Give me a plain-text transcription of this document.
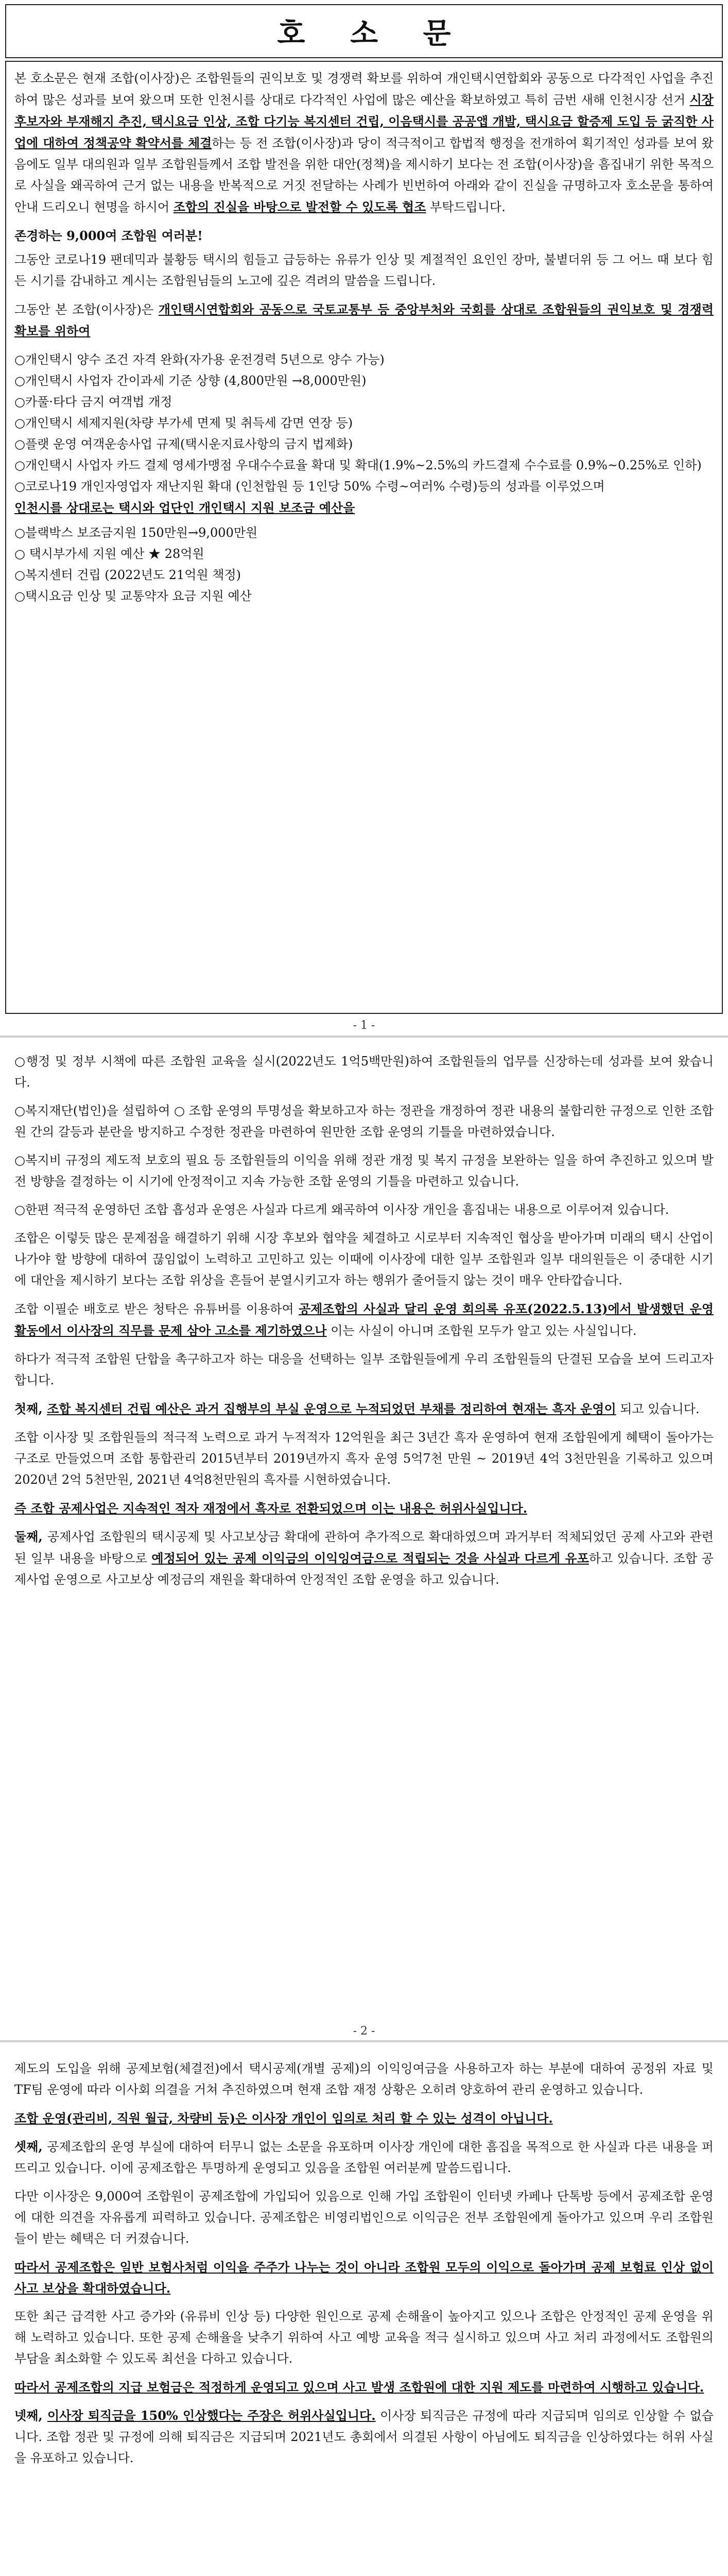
호 소 문

본 호소문은 현재 조합(이사장)은 조합원들의 권익보호 및 경쟁력 확보를 위하여 개인택시연합회와 공동으로 다각적인 사업을 추진하여 많은 성과를 보여 왔으며 또한 인천시를 상대로 다각적인 사업에 많은 예산을 확보하였고 특히 금번 새해 인천시장 선거 시장후보자와 부재해지 추진, 택시요금 인상, 조합 다기능 복지센터 건립, 이음택시를 공공앱 개발, 택시요금 할증제 도입 등 굵직한 사업에 대하여 정책공약 확약서를 체결하는 등 전 조합(이사장)과 당이 적극적이고 합법적 행정을 전개하여 획기적인 성과를 보여 왔음에도 일부 대의원과 일부 조합원들께서 조합 발전을 위한 대안(정책)을 제시하기 보다는 전 조합(이사장)을 흠집내기 위한 목적으로 사실을 왜곡하여 근거 없는 내용을 반복적으로 거짓 전달하는 사례가 빈번하여 아래와 같이 진실을 규명하고자 호소문을 통하여 안내 드리오니 현명을 하시어 조합의 진실을 바탕으로 발전할 수 있도록 협조 부탁드립니다.

존경하는 9,000여 조합원 여러분!

그동안 코로나19 팬데믹과 불황등 택시의 힘들고 급등하는 유류가 인상 및 계절적인 요인인 장마, 불볕더위 등 그 어느 때 보다 힘든 시기를 감내하고 계시는 조합원님들의 노고에 깊은 격려의 말씀을 드립니다.

그동안 본 조합(이사장)은 개인택시연합회와 공동으로 국토교통부 등 중앙부처와 국회를 상대로 조합원들의 권익보호 및 경쟁력 확보를 위하여

○개인택시 양수 조건 자격 완화(자가용 운전경력 5년으로 양수 가능)

○개인택시 사업자 간이과세 기준 상향 (4,800만원 →8,000만원)

○카풀·타다 금지 여객법 개정

○개인택시 세제지원(차량 부가세 면제 및 취득세 감면 연장 등)

○플랫 운영 여객운송사업 규제(택시운지료사항의 금지 법제화)

○개인택시 사업자 카드 결제 영세가맹점 우대수수료율 확대 및 확대(1.9%~2.5%의 카드결제 수수료를 0.9%~0.25%로 인하)

○코로나19 개인자영업자 재난지원 확대 (인천합원 등 1인당 50% 수령~여러% 수령)등의 성과를 이루었으며

인천시를 상대로는 택시와 업단인 개인택시 지원 보조금 예산을

○블랙박스 보조금지원 150만원→9,000만원

○ 택시부가세 지원 예산 ★ 28억원

○복지센터 건립 (2022년도 21억원 책정)

○택시요금 인상 및 교통약자 요금 지원 예산

- 1 -

○행정 및 정부 시책에 따른 조합원 교육을 실시(2022년도 1억5백만원)하여 조합원들의 업무를 신장하는데 성과를 보여 왔습니다.

○복지재단(법인)을 설립하여 ○ 조합 운영의 투명성을 확보하고자 하는 정관을 개정하여 정관 내용의 불합리한 규정으로 인한 조합원 간의 갈등과 분란을 방지하고 수정한 정관을 마련하여 원만한 조합 운영의 기틀을 마련하였습니다.

○복지비 규정의 제도적 보호의 필요 등 조합원들의 이익을 위해 정관 개정 및 복지 규정을 보완하는 일을 하여 추진하고 있으며 발전 방향을 결정하는 이 시기에 안정적이고 지속 가능한 조합 운영의 기틀을 마련하고 있습니다.

○한편 적극적 운영하던 조합 흡성과 운영은 사실과 다르게 왜곡하여 이사장 개인을 흠집내는 내용으로 이루어져 있습니다.

조합은 이렇듯 많은 문제점을 해결하기 위해 시장 후보와 협약을 체결하고 시로부터 지속적인 협상을 받아가며 미래의 택시 산업이 나가야 할 방향에 대하여 끊임없이 노력하고 고민하고 있는 이때에 이사장에 대한 일부 조합원과 일부 대의원들은 이 중대한 시기에 대안을 제시하기 보다는 조합 위상을 흔들어 분열시키고자 하는 행위가 줄어들지 않는 것이 매우 안타깝습니다.

조합 이필순 배호로 받은 청탁은 유튜버를 이용하여 공제조합의 사실과 달리 운영 회의록 유포(2022.5.13)에서 발생했던 운영 활동에서 이사장의 직무를 문제 삼아 고소를 제기하였으나 이는 사실이 아니며 조합원 모두가 알고 있는 사실입니다.

하다가 적극적 조합원 단합을 촉구하고자 하는 대응을 선택하는 일부 조합원들에게 우리 조합원들의 단결된 모습을 보여 드리고자 합니다.

첫째, 조합 복지센터 건립 예산은 과거 집행부의 부실 운영으로 누적되었던 부채를 정리하여 현재는 흑자 운영이 되고 있습니다.

조합 이사장 및 조합원들의 적극적 노력으로 과거 누적적자 12억원을 최근 3년간 흑자 운영하여 현재 조합원에게 혜택이 돌아가는 구조로 만들었으며 조합 통합관리 2015년부터 2019년까지 흑자 운영 5억7천 만원 ~ 2019년 4억 3천만원을 기록하고 있으며 2020년 2억 5천만원, 2021년 4억8천만원의 흑자를 시현하였습니다.

즉 조합 공제사업은 지속적인 적자 재정에서 흑자로 전환되었으며 이는 내용은 허위사실입니다.

둘째, 공제사업 조합원의 택시공제 및 사고보상금 확대에 관하여 추가적으로 확대하였으며 과거부터 적체되었던 공제 사고와 관련된 일부 내용을 바탕으로 예정되어 있는 공제 이익금의 이익잉여금으로 적립되는 것을 사실과 다르게 유포하고 있습니다. 조합 공제사업 운영으로 사고보상 예정금의 재원을 확대하여 안정적인 조합 운영을 하고 있습니다.

- 2 -

제도의 도입을 위해 공제보험(체결전)에서 택시공제(개별 공제)의 이익잉여금을 사용하고자 하는 부분에 대하여 공정위 자료 및 TF팀 운영에 따라 이사회 의결을 거쳐 추진하였으며 현재 조합 재정 상황은 오히려 양호하여 관리 운영하고 있습니다.

조합 운영(관리비, 직원 월급, 차량비 등)은 이사장 개인이 임의로 처리 할 수 있는 성격이 아닙니다.

셋째, 공제조합의 운영 부실에 대하여 터무니 없는 소문을 유포하며 이사장 개인에 대한 흠집을 목적으로 한 사실과 다른 내용을 퍼뜨리고 있습니다. 이에 공제조합은 투명하게 운영되고 있음을 조합원 여러분께 말씀드립니다.

다만 이사장은 9,000여 조합원이 공제조합에 가입되어 있음으로 인해 가입 조합원이 인터넷 카페나 단톡방 등에서 공제조합 운영에 대한 의견을 자유롭게 피력하고 있습니다. 공제조합은 비영리법인으로 이익금은 전부 조합원에게 돌아가고 있으며 우리 조합원들이 받는 혜택은 더 커졌습니다.

따라서 공제조합은 일반 보험사처럼 이익을 주주가 나누는 것이 아니라 조합원 모두의 이익으로 돌아가며 공제 보험료 인상 없이 사고 보상을 확대하였습니다.

또한 최근 급격한 사고 증가와 (유류비 인상 등) 다양한 원인으로 공제 손해율이 높아지고 있으나 조합은 안정적인 공제 운영을 위해 노력하고 있습니다. 또한 공제 손해율을 낮추기 위하여 사고 예방 교육을 적극 실시하고 있으며 사고 처리 과정에서도 조합원의 부담을 최소화할 수 있도록 최선을 다하고 있습니다.

따라서 공제조합의 지급 보험금은 적정하게 운영되고 있으며 사고 발생 조합원에 대한 지원 제도를 마련하여 시행하고 있습니다.

넷째, 이사장 퇴직금을 150% 인상했다는 주장은 허위사실입니다. 이사장 퇴직금은 규정에 따라 지급되며 임의로 인상할 수 없습니다. 조합 정관 및 규정에 의해 퇴직금은 지급되며 2021년도 총회에서 의결된 사항이 아님에도 퇴직금을 인상하였다는 허위 사실을 유포하고 있습니다.
